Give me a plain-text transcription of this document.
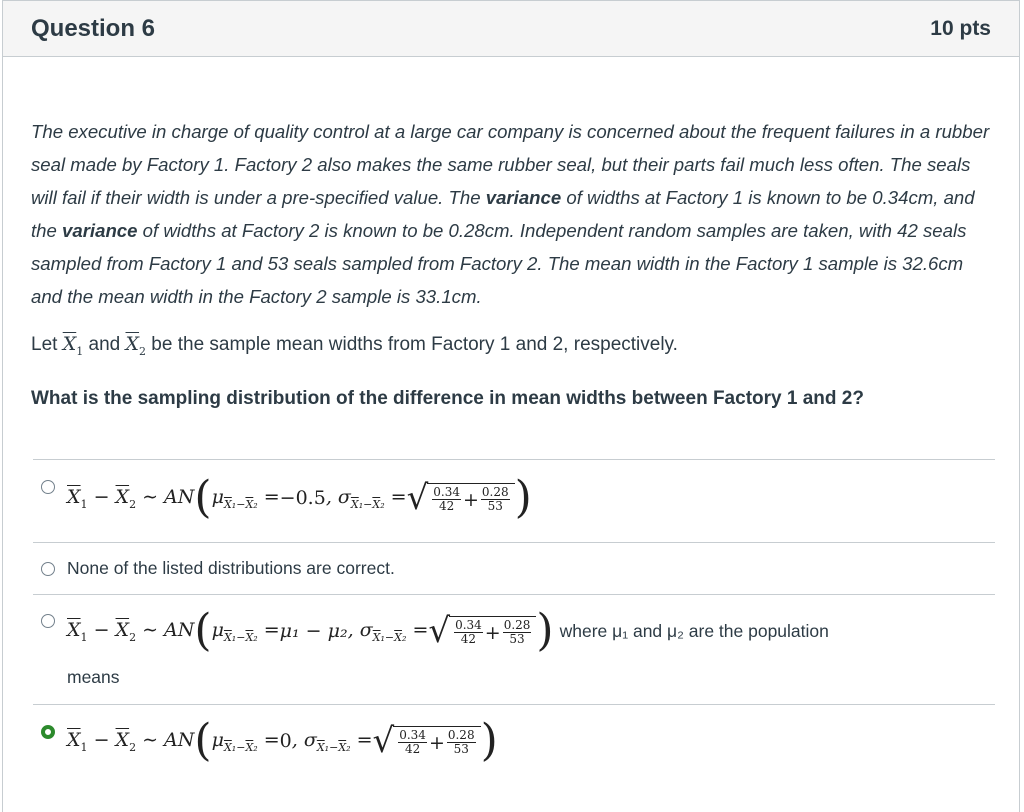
Question 6	10 pts

The executive in charge of quality control at a large car company is concerned about the frequent failures in a rubber seal made by Factory 1. Factory 2 also makes the same rubber seal, but their parts fail much less often. The seals will fail if their width is under a pre-specified value. The variance of widths at Factory 1 is known to be 0.34cm, and the variance of widths at Factory 2 is known to be 0.28cm. Independent random samples are taken, with 42 seals sampled from Factory 1 and 53 seals sampled from Factory 2. The mean width in the Factory 1 sample is 32.6cm and the mean width in the Factory 2 sample is 33.1cm.

Let $\overline{X}_1$ and $\overline{X}_2$ be the sample mean widths from Factory 1 and 2, respectively.
What is the sampling distribution of the difference in mean widths between Factory 1 and 2?
$\overline{X}_1 - \overline{X}_2$ ∼ AN ( $\mu_{\overline{X}_1-\overline{X}_2} = -0.5$ , $\sigma_{\overline{X}_1-\overline{X}_2}$ = √ $\frac{0.34}{42} + \frac{0.28}{53}$ )
None of the listed distributions are correct.
$\overline{X}_1 - \overline{X}_2$ ∼ AN ( $\mu_{\overline{X}_1-\overline{X}_2} = \mu_1 - \mu_2$ , $\sigma_{\overline{X}_1-\overline{X}_2}$ = √ $\frac{0.34}{42} + \frac{0.28}{53}$ ) where μ₁ and μ₂ are the population
means
$\overline{X}_1 - \overline{X}_2$ ∼ AN ( $\mu_{\overline{X}_1-\overline{X}_2} = 0$ , $\sigma_{\overline{X}_1-\overline{X}_2}$ = √ $\frac{0.34}{42} + \frac{0.28}{53}$ )
